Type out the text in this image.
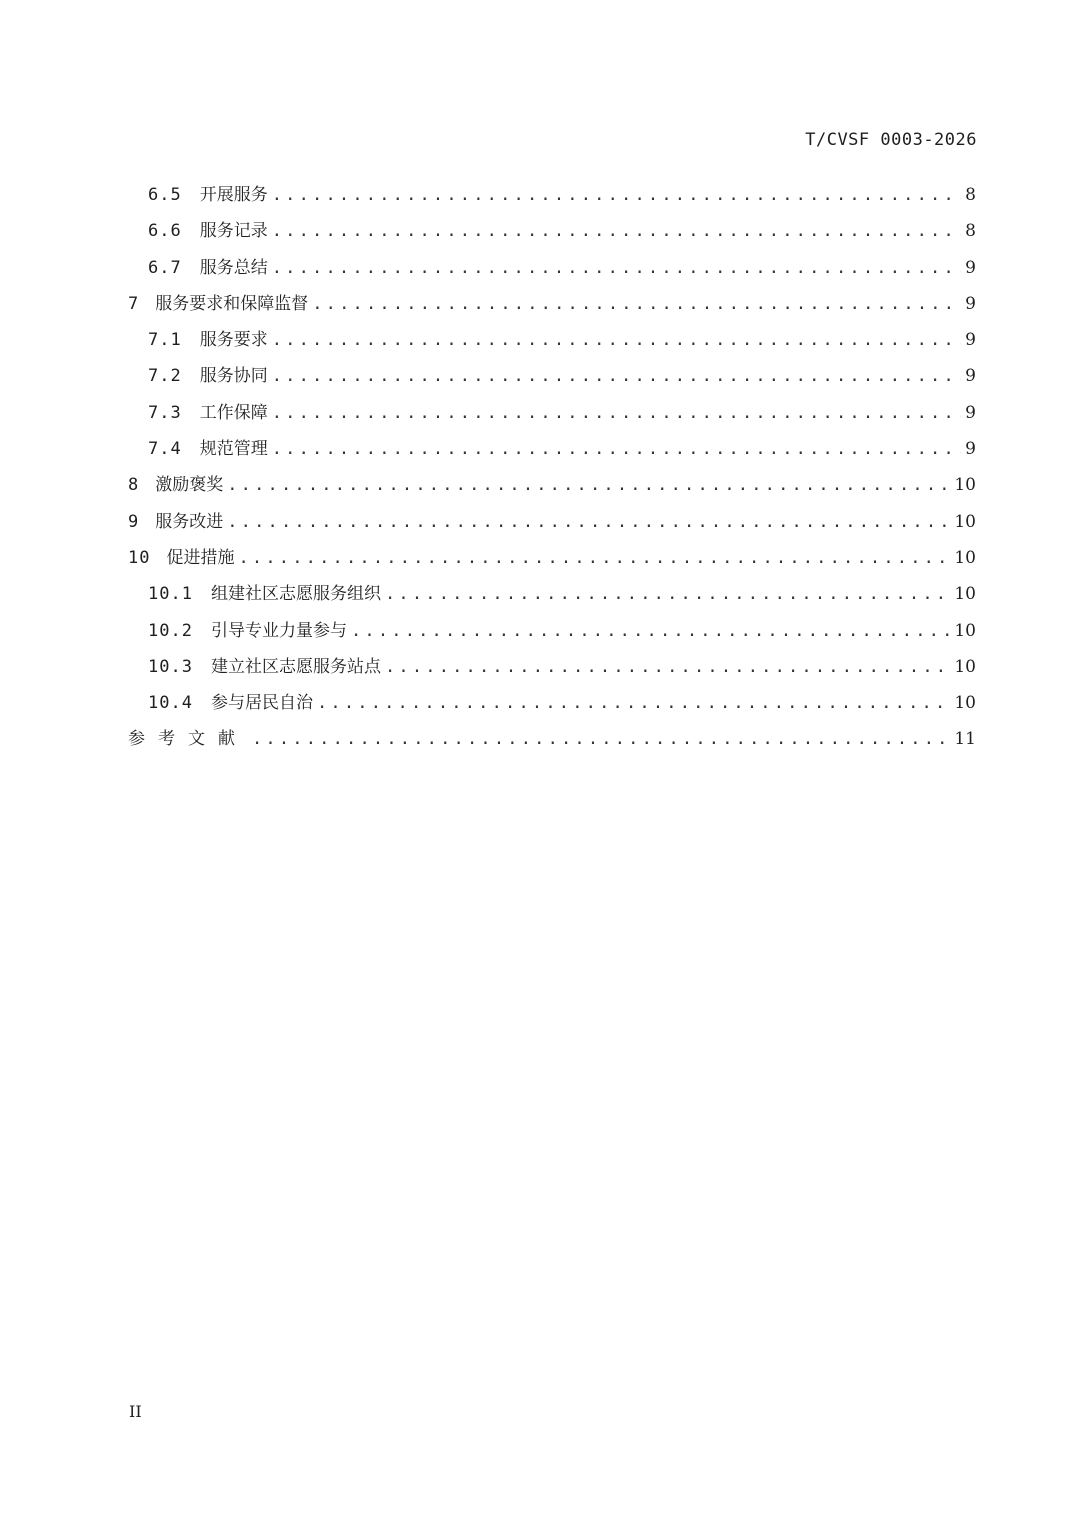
T/CVSF 0003-2026
6.5 开展服务 .....	8
6.6 服务记录 .....	8
6.7 服务总结 .....	9
7 服务要求和保障监督 .....	9
7.1 服务要求 .....	9
7.2 服务协同 .....	9
7.3 工作保障 .....	9
7.4 规范管理 .....	9
8 激励褒奖 .....	10
9 服务改进 .....	10
10 促进措施 .....	10
10.1 组建社区志愿服务组织 .....	10
10.2 引导专业力量参与 .....	10
10.3 建立社区志愿服务站点 .....	10
10.4 参与居民自治 .....	10
参考文献 .....	11
II
